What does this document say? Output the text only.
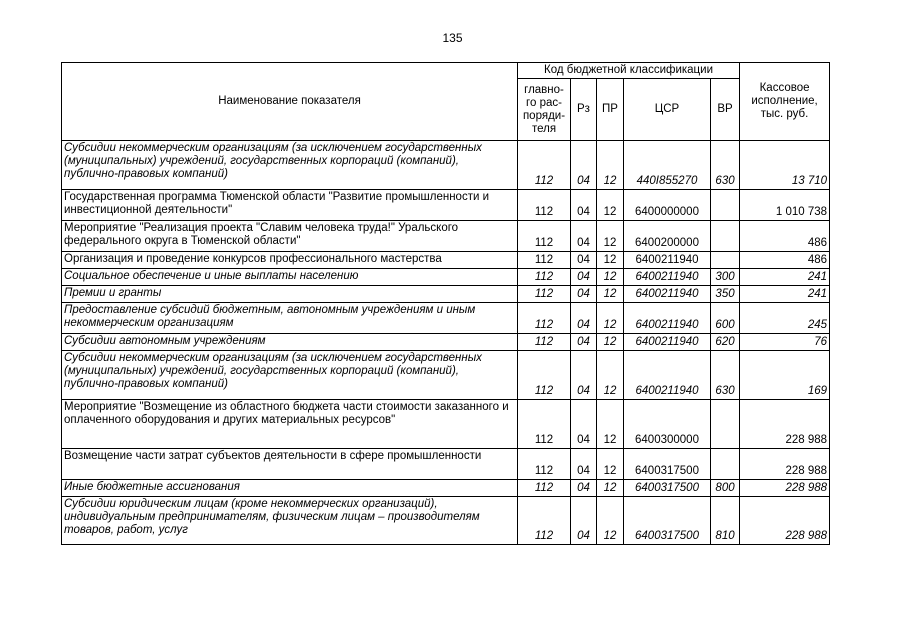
135
Наименование показателя	Код бюджетной классификации					Кассовое исполнение, тыс. руб.
	главно-го рас-поряди-теля	Рз	ПР	ЦСР	ВР	
Субсидии некоммерческим организациям (за исключением государственных (муниципальных) учреждений, государственных корпораций (компаний), публично-правовых компаний)	112	04	12	440I855270	630	13 710
Государственная программа Тюменской области "Развитие промышленности и инвестиционной деятельности"	112	04	12	6400000000		1 010 738
Мероприятие "Реализация проекта "Славим человека труда!" Уральского федерального округа в Тюменской области"	112	04	12	6400200000		486
Организация и проведение конкурсов профессионального мастерства	112	04	12	6400211940		486
Социальное обеспечение и иные выплаты населению	112	04	12	6400211940	300	241
Премии и гранты	112	04	12	6400211940	350	241
Предоставление субсидий бюджетным, автономным учреждениям и иным некоммерческим организациям	112	04	12	6400211940	600	245
Субсидии автономным учреждениям	112	04	12	6400211940	620	76
Субсидии некоммерческим организациям (за исключением государственных (муниципальных) учреждений, государственных корпораций (компаний), публично-правовых компаний)	112	04	12	6400211940	630	169
Мероприятие "Возмещение из областного бюджета части стоимости заказанного и оплаченного оборудования и других материальных ресурсов"	112	04	12	6400300000		228 988
Возмещение части затрат субъектов деятельности в сфере промышленности	112	04	12	6400317500		228 988
Иные бюджетные ассигнования	112	04	12	6400317500	800	228 988
Субсидии юридическим лицам (кроме некоммерческих организаций), индивидуальным предпринимателям, физическим лицам – производителям товаров, работ, услуг	112	04	12	6400317500	810	228 988
